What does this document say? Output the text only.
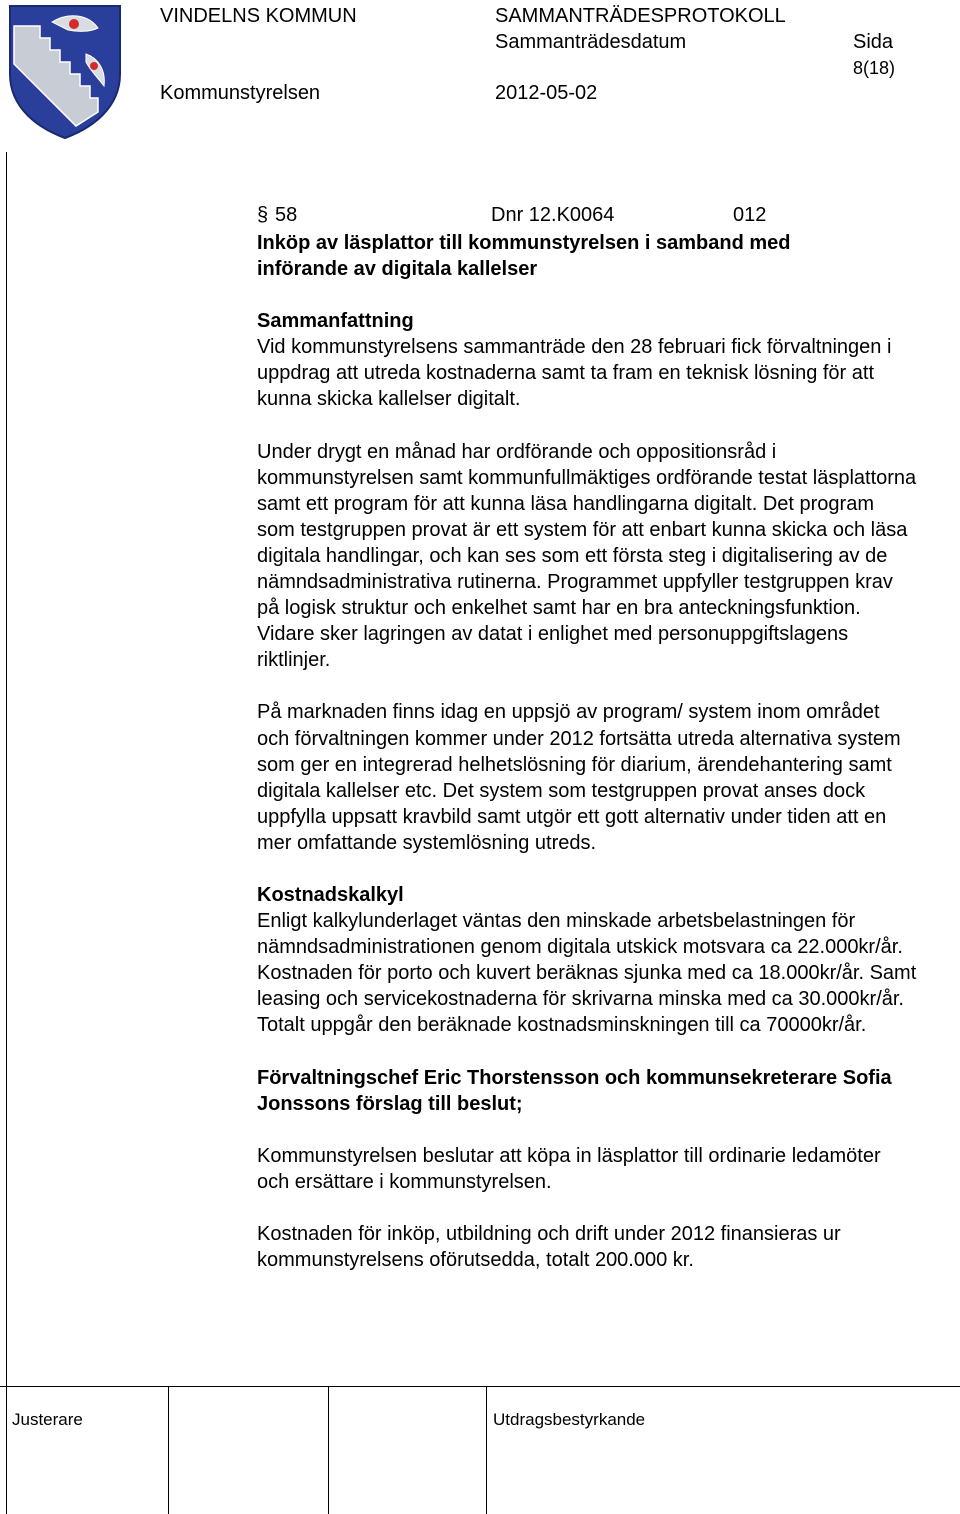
VINDELNS KOMMUN	SAMMANTRÄDESPROTOKOLL
Sammanträdesdatum	Sida
8(18)
Kommunstyrelsen	2012-05-02
§ 58	Dnr 12.K0064	012
Inköp av läsplattor till kommunstyrelsen i samband med
införande av digitala kallelser
Sammanfattning

Vid kommunstyrelsens sammanträde den 28 februari fick förvaltningen i uppdrag att utreda kostnaderna samt ta fram en teknisk lösning för att kunna skicka kallelser digitalt.

Under drygt en månad har ordförande och oppositionsråd i kommunstyrelsen samt kommunfullmäktiges ordförande testat läsplattorna samt ett program för att kunna läsa handlingarna digitalt. Det program som testgruppen provat är ett system för att enbart kunna skicka och läsa digitala handlingar, och kan ses som ett första steg i digitalisering av de nämndsadministrativa rutinerna. Programmet uppfyller testgruppen krav på logisk struktur och enkelhet samt har en bra anteckningsfunktion. Vidare sker lagringen av datat i enlighet med personuppgiftslagens riktlinjer.

På marknaden finns idag en uppsjö av program/ system inom området och förvaltningen kommer under 2012 fortsätta utreda alternativa system som ger en integrerad helhetslösning för diarium, ärendehantering samt digitala kallelser etc. Det system som testgruppen provat anses dock uppfylla uppsatt kravbild samt utgör ett gott alternativ under tiden att en mer omfattande systemlösning utreds.

Kostnadskalkyl

Enligt kalkylunderlaget väntas den minskade arbetsbelastningen för nämndsadministrationen genom digitala utskick motsvara ca 22.000kr/år. Kostnaden för porto och kuvert beräknas sjunka med ca 18.000kr/år. Samt leasing och servicekostnaderna för skrivarna minska med ca 30.000kr/år. Totalt uppgår den beräknade kostnadsminskningen till ca 70000kr/år.

Förvaltningschef Eric Thorstensson och kommunsekreterare Sofia Jonssons förslag till beslut;

Kommunstyrelsen beslutar att köpa in läsplattor till ordinarie ledamöter och ersättare i kommunstyrelsen.

Kostnaden för inköp, utbildning och drift under 2012 finansieras ur kommunstyrelsens oförutsedda, totalt 200.000 kr.

Justerare	Utdragsbestyrkande
